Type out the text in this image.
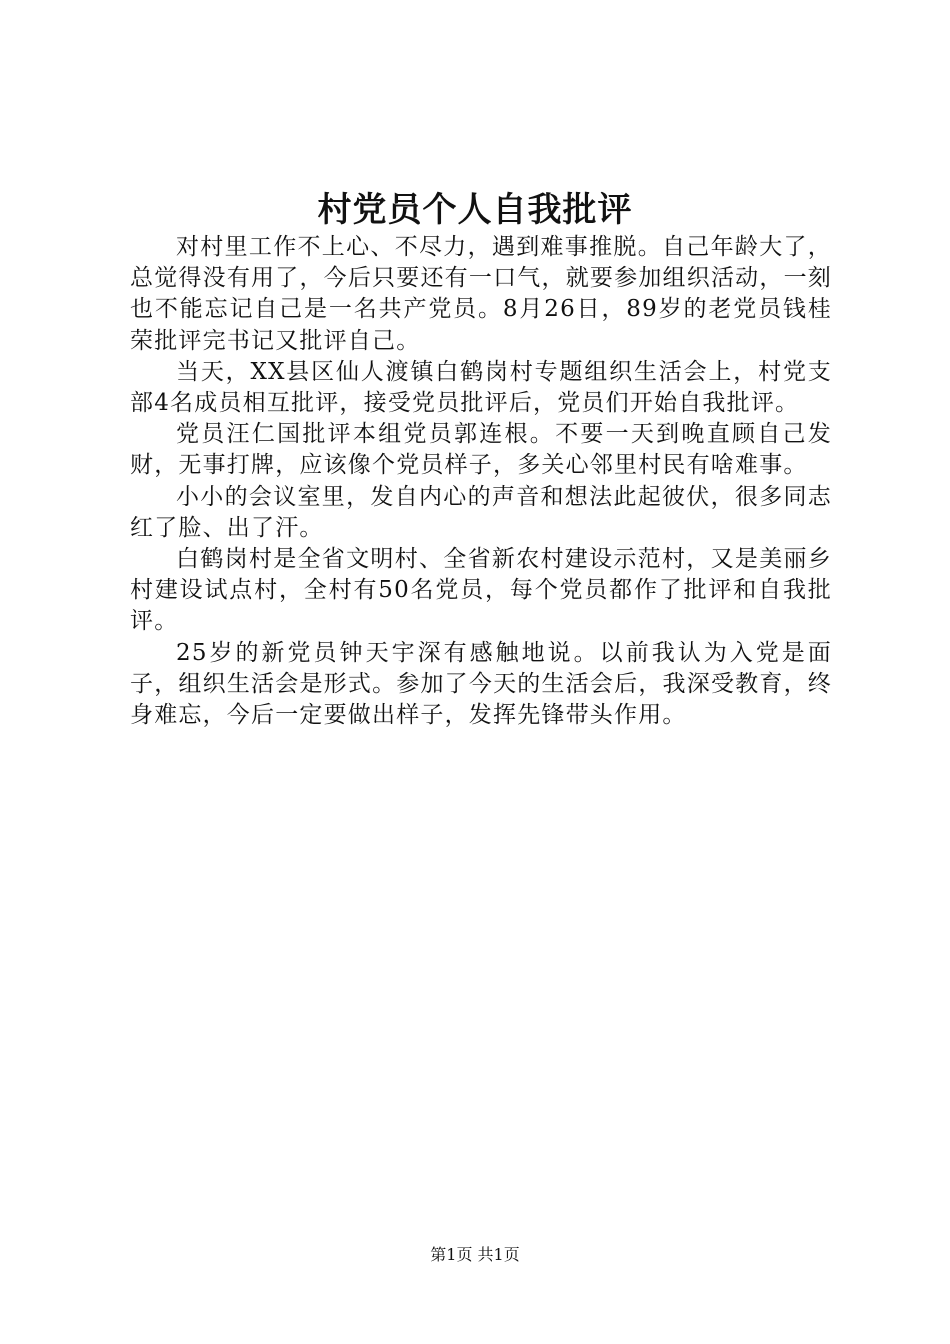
村党员个人自我批评

对村里工作不上心、不尽力，遇到难事推脱。自己年龄大了，总觉得没有用了，今后只要还有一口气，就要参加组织活动，一刻也不能忘记自己是一名共产党员。8月26日，89岁的老党员钱桂荣批评完书记又批评自己。

当天，XX县区仙人渡镇白鹤岗村专题组织生活会上，村党支部4名成员相互批评，接受党员批评后，党员们开始自我批评。

党员汪仁国批评本组党员郭连根。不要一天到晚直顾自己发财，无事打牌，应该像个党员样子，多关心邻里村民有啥难事。

小小的会议室里，发自内心的声音和想法此起彼伏，很多同志红了脸、出了汗。

白鹤岗村是全省文明村、全省新农村建设示范村，又是美丽乡村建设试点村，全村有50名党员，每个党员都作了批评和自我批评。

25岁的新党员钟天宇深有感触地说。以前我认为入党是面子，组织生活会是形式。参加了今天的生活会后，我深受教育，终身难忘，今后一定要做出样子，发挥先锋带头作用。

第1页 共1页
